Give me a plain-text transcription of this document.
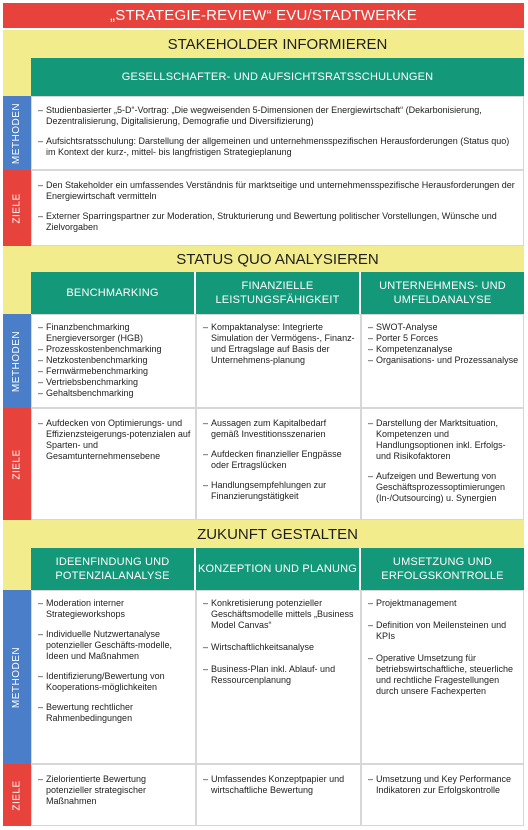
„STRATEGIE-REVIEW“ EVU/STADTWERKE
STAKEHOLDER INFORMIEREN
GESELLSCHAFTER- UND AUFSICHTSRATSSCHULUNGEN
METHODEN
–	Studienbasierter „5-D“-Vortrag: „Die wegweisenden 5-Dimensionen der Energiewirtschaft“ (Dekarbonisierung, Dezentralisierung, Digitalisierung, Demografie und Diversifizierung)
– Aufsichtsratsschulung: Darstellung der allgemeinen und unternehmensspezifischen Herausforderungen (Status quo) im Kontext der kurz-, mittel- bis langfristigen Strategieplanung
ZIELE
– Den Stakeholder ein umfassendes Verständnis für marktseitige und unternehmensspezifische Herausforderungen der Energiewirtschaft vermitteln
– Externer Sparringspartner zur Moderation, Strukturierung und Bewertung politischer Vorstellungen, Wünsche und Zielvorgaben
STATUS QUO ANALYSIEREN
BENCHMARKING
FINANZIELLE LEISTUNGSFÄHIGKEIT
UNTERNEHMENS- UND UMFELDANALYSE
METHODEN
– Finanzbenchmarking Energieversorger (HGB)
– Prozesskostenbenchmarking
– Netzkostenbenchmarking
– Fernwärmebenchmarking
– Vertriebsbenchmarking
– Gehaltsbenchmarking
– Kompaktanalyse: Integrierte Simulation der Vermögens-, Finanz- und Ertragslage auf Basis der Unternehmens-planung
– SWOT-Analyse
– Porter 5 Forces
– Kompetenzanalyse
– Organisations- und Prozessanalyse
ZIELE
– Aufdecken von Optimierungs- und Effizienzsteigerungs-potenzialen auf Sparten- und Gesamtunternehmensebene
– Aussagen zum Kapitalbedarf gemäß Investitionsszenarien
– Aufdecken finanzieller Engpässe oder Ertragslücken
– Handlungsempfehlungen zur Finanzierungstätigkeit
– Darstellung der Marktsituation, Kompetenzen und Handlungsoptionen inkl. Erfolgs- und Risikofaktoren
– Aufzeigen und Bewertung von Geschäftsprozessoptimierungen (In-/Outsourcing) u. Synergien
ZUKUNFT GESTALTEN
IDEENFINDUNG UND POTENZIALANALYSE
KONZEPTION UND PLANUNG
UMSETZUNG UND ERFOLGSKONTROLLE
METHODEN
– Moderation interner Strategieworkshops
– Individuelle Nutzwertanalyse potenzieller Geschäfts-modelle, Ideen und Maßnahmen
– Identifizierung/Bewertung von Kooperations-möglichkeiten
– Bewertung rechtlicher Rahmenbedingungen
– Konkretisierung potenzieller Geschäftsmodelle mittels „Business Model Canvas“
– Wirtschaftlichkeitsanalyse
– Business-Plan inkl. Ablauf- und Ressourcenplanung
– Projektmanagement
– Definition von Meilensteinen und KPIs
– Operative Umsetzung für betriebswirtschaftliche, steuerliche und rechtliche Fragestellungen durch unsere Fachexperten
ZIELE
– Zielorientierte Bewertung potenzieller strategischer Maßnahmen
– Umfassendes Konzeptpapier und wirtschaftliche Bewertung
– Umsetzung und Key Performance Indikatoren zur Erfolgskontrolle
